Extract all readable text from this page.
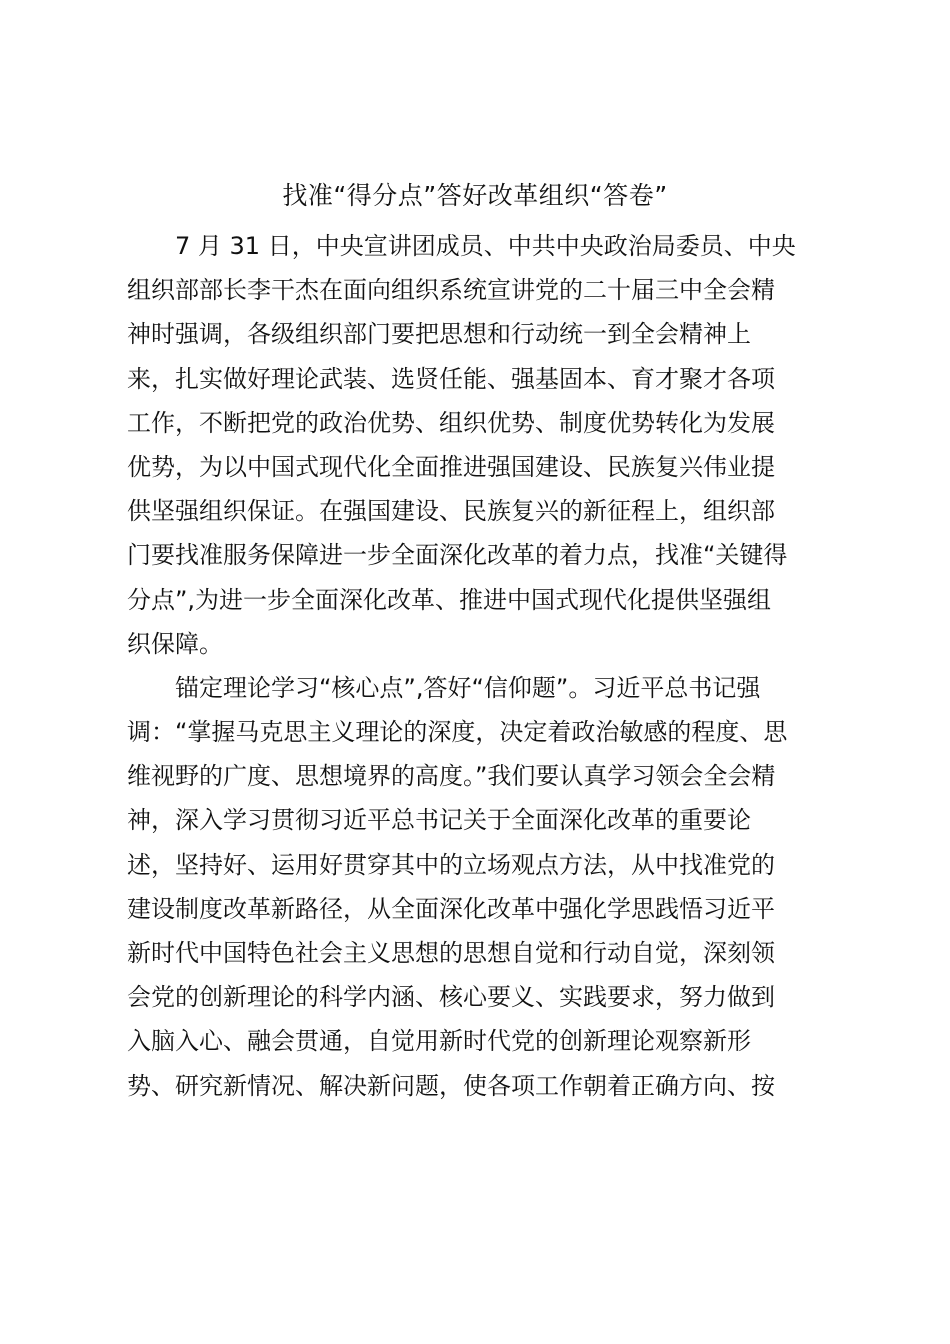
找准“得分点”答好改革组织“答卷”
7 月 31 日，中央宣讲团成员、中共中央政治局委员、中央
组织部部长李干杰在面向组织系统宣讲党的二十届三中全会精
神时强调，各级组织部门要把思想和行动统一到全会精神上
来，扎实做好理论武装、选贤任能、强基固本、育才聚才各项
工作，不断把党的政治优势、组织优势、制度优势转化为发展
优势，为以中国式现代化全面推进强国建设、民族复兴伟业提
供坚强组织保证。在强国建设、民族复兴的新征程上，组织部
门要找准服务保障进一步全面深化改革的着力点，找准“关键得
分点”,为进一步全面深化改革、推进中国式现代化提供坚强组
织保障。
锚定理论学习“核心点”,答好“信仰题”。习近平总书记强
调：“掌握马克思主义理论的深度，决定着政治敏感的程度、思
维视野的广度、思想境界的高度。”我们要认真学习领会全会精
神，深入学习贯彻习近平总书记关于全面深化改革的重要论
述，坚持好、运用好贯穿其中的立场观点方法，从中找准党的
建设制度改革新路径，从全面深化改革中强化学思践悟习近平
新时代中国特色社会主义思想的思想自觉和行动自觉，深刻领
会党的创新理论的科学内涵、核心要义、实践要求，努力做到
入脑入心、融会贯通，自觉用新时代党的创新理论观察新形
势、研究新情况、解决新问题，使各项工作朝着正确方向、按
